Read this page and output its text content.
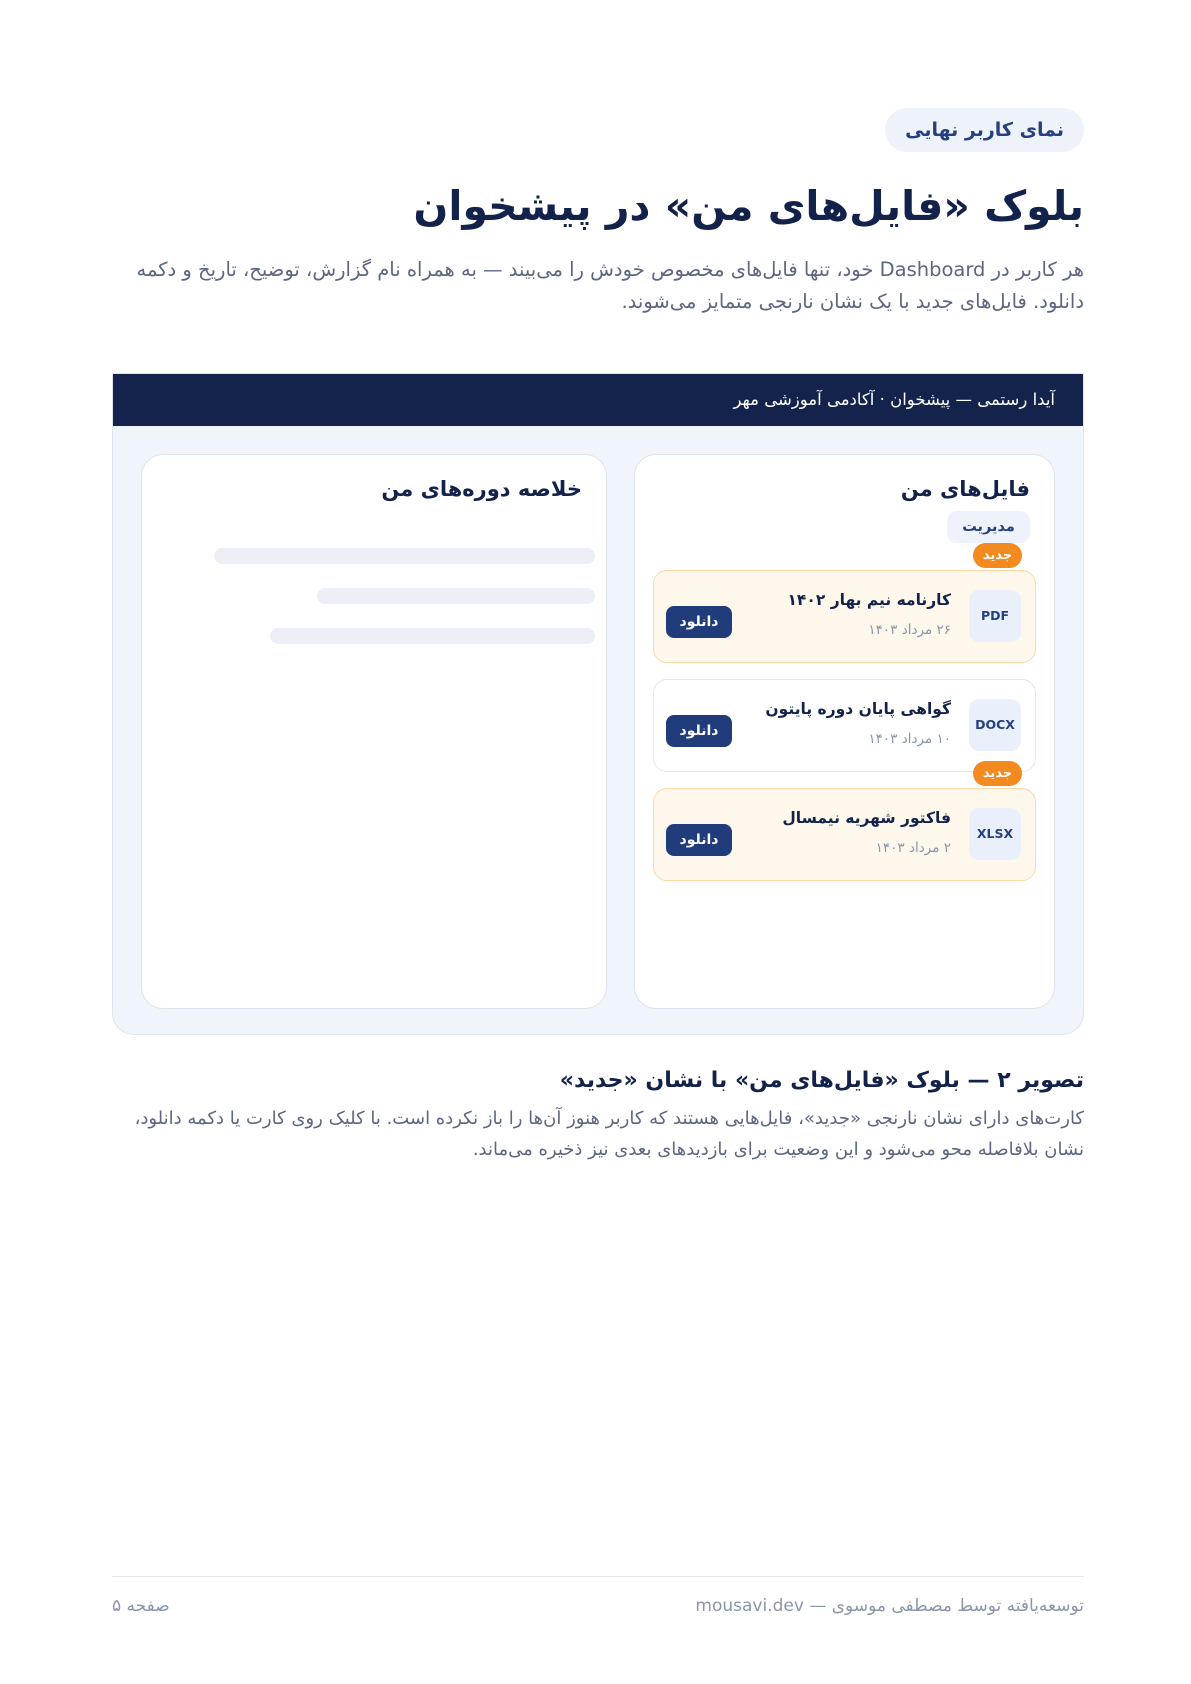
نمای کاربر نهایی
بلوک «فایل‌های من» در پیشخوان

هر کاربر در Dashboard خود، تنها فایل‌های مخصوص خودش را می‌بیند — به همراه نام گزارش، توضیح، تاریخ و دکمه دانلود. فایل‌های جدید با یک نشان نارنجی متمایز می‌شوند.

آیدا رستمی — پیشخوان · آکادمی آموزشی مهر
فایل‌های من
مدیریت
جدید
PDF
کارنامه نیم بهار ۱۴۰۲
۲۶ مرداد ۱۴۰۳
دانلود
DOCX
گواهی پایان دوره پایتون
۱۰ مرداد ۱۴۰۳
دانلود
جدید
XLSX
فاکتور شهریه نیمسال
۲ مرداد ۱۴۰۳
دانلود
خلاصه دوره‌های من
تصویر ۲ — بلوک «فایل‌های من» با نشان «جدید»

کارت‌های دارای نشان نارنجی «جدید»، فایل‌هایی هستند که کاربر هنوز آن‌ها را باز نکرده است. با کلیک روی کارت یا دکمه دانلود، نشان بلافاصله محو می‌شود و این وضعیت برای بازدیدهای بعدی نیز ذخیره می‌ماند.

توسعه‌یافته توسط مصطفی موسوی — mousavi.dev
صفحه ۵
